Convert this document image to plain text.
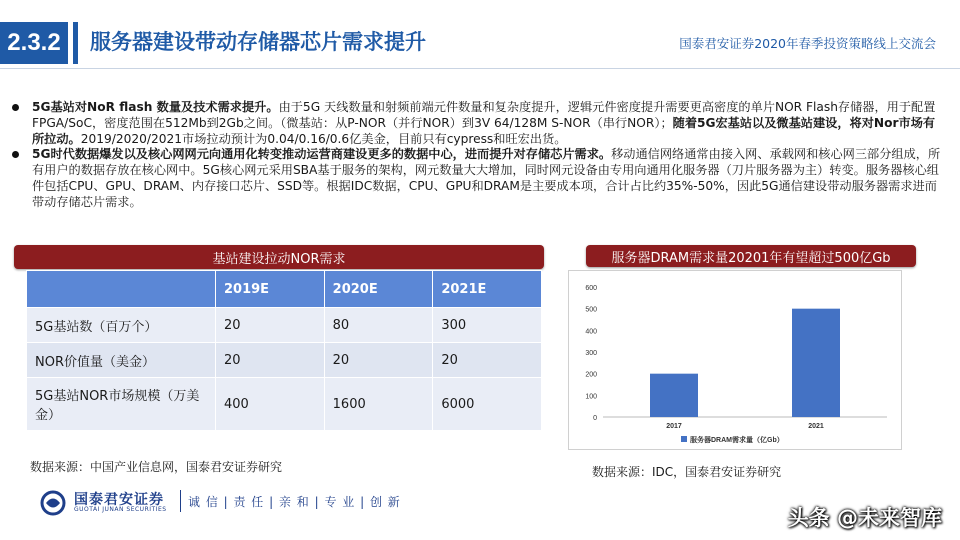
2.3.2	服务器建设带动存储器芯片需求提升	国泰君安证券2020年春季投资策略线上交流会

5G基站对NoR flash 数量及技术需求提升。由于5G 天线数量和射频前端元件数量和复杂度提升，逻辑元件密度提升需要更高密度的单片NOR Flash存储器，用于配置FPGA/SoC，密度范围在512Mb到2Gb之间。（微基站：从P-NOR（并行NOR）到3V 64/128M S-NOR（串行NOR）；随着5G宏基站以及微基站建设，将对Nor市场有所拉动。2019/2020/2021市场拉动预计为0.04/0.16/0.6亿美金，目前只有cypress和旺宏出货。

5G时代数据爆发以及核心网网元向通用化转变推动运营商建设更多的数据中心，进而提升对存储芯片需求。移动通信网络通常由接入网、承载网和核心网三部分组成，所有用户的数据存放在核心网中。5G核心网元采用SBA基于服务的架构，网元数量大大增加，同时网元设备由专用向通用化服务器（刀片服务器为主）转变。服务器核心组件包括CPU、GPU、DRAM、内存接口芯片、SSD等。根据IDC数据，CPU、GPU和DRAM是主要成本项，合计占比约35%-50%，因此5G通信建设带动服务器需求进而带动存储芯片需求。

基站建设拉动NOR需求
	2019E	2020E	2021E
5G基站数（百万个）	20	80	300
NOR价值量（美金）	20	20	20
5G基站NOR市场规模（万美金）	400	1600	6000
数据来源：中国产业信息网，国泰君安证券研究
服务器DRAM需求量20201年有望超过500亿Gb
0
100
200
300
400
500
600
2017	2021
服务器DRAM需求量（亿Gb）
数据来源：IDC，国泰君安证券研究
国泰君安证券
GUOTAI JUNAN SECURITIES
诚 信 | 责 任 | 亲 和 | 专 业 | 创 新
头条 @未来智库
